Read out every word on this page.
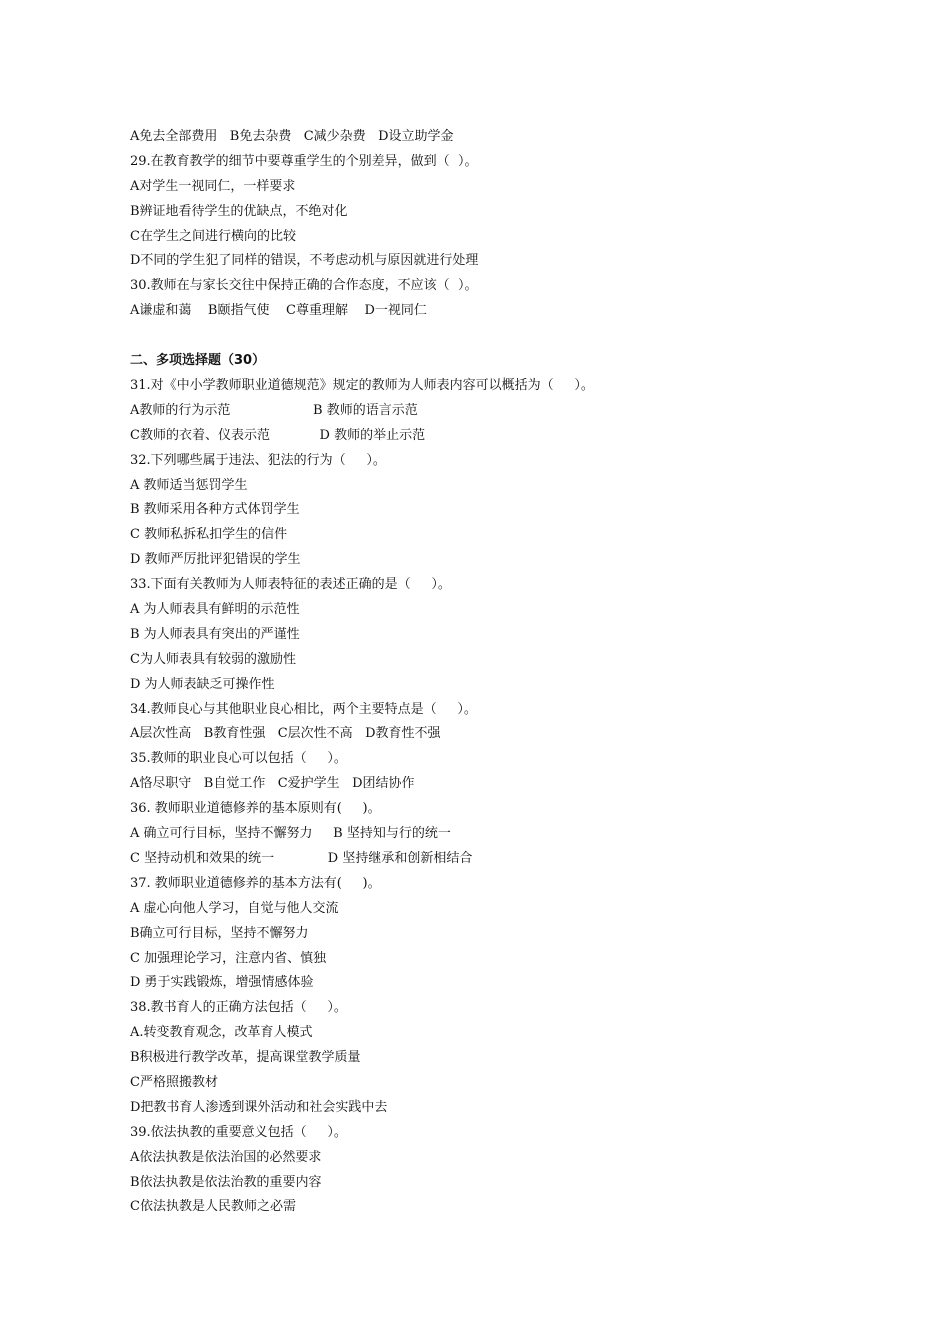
A免去全部费用   B免去杂费   C减少杂费   D设立助学金
29.在教育教学的细节中要尊重学生的个别差异，做到（  ）。
A对学生一视同仁，一样要求
B辨证地看待学生的优缺点，不绝对化
C在学生之间进行横向的比较
D不同的学生犯了同样的错误，不考虑动机与原因就进行处理
30.教师在与家长交往中保持正确的合作态度，不应该（  ）。
A谦虚和蔼    B颐指气使    C尊重理解    D一视同仁
二、多项选择题（30）
31.对《中小学教师职业道德规范》规定的教师为人师表内容可以概括为（     ）。
A教师的行为示范                    B 教师的语言示范
C教师的衣着、仪表示范            D 教师的举止示范
32.下列哪些属于违法、犯法的行为（     ）。
A 教师适当惩罚学生
B 教师采用各种方式体罚学生
C 教师私拆私扣学生的信件
D 教师严厉批评犯错误的学生
33.下面有关教师为人师表特征的表述正确的是（     ）。
A 为人师表具有鲜明的示范性
B 为人师表具有突出的严谨性
C为人师表具有较弱的激励性
D 为人师表缺乏可操作性
34.教师良心与其他职业良心相比，两个主要特点是（     ）。
A层次性高   B教育性强   C层次性不高   D教育性不强
35.教师的职业良心可以包括（     ）。
A恪尽职守   B自觉工作   C爱护学生   D团结协作
36. 教师职业道德修养的基本原则有(     )。
A 确立可行目标，坚持不懈努力     B 坚持知与行的统一
C 坚持动机和效果的统一             D 坚持继承和创新相结合
37. 教师职业道德修养的基本方法有(     )。
A 虚心向他人学习，自觉与他人交流
B确立可行目标，坚持不懈努力
C 加强理论学习，注意内省、慎独
D 勇于实践锻炼，增强情感体验
38.教书育人的正确方法包括（     ）。
A.转变教育观念，改革育人模式
B积极进行教学改革，提高课堂教学质量
C严格照搬教材
D把教书育人渗透到课外活动和社会实践中去
39.依法执教的重要意义包括（     ）。
A依法执教是依法治国的必然要求
B依法执教是依法治教的重要内容
C依法执教是人民教师之必需
